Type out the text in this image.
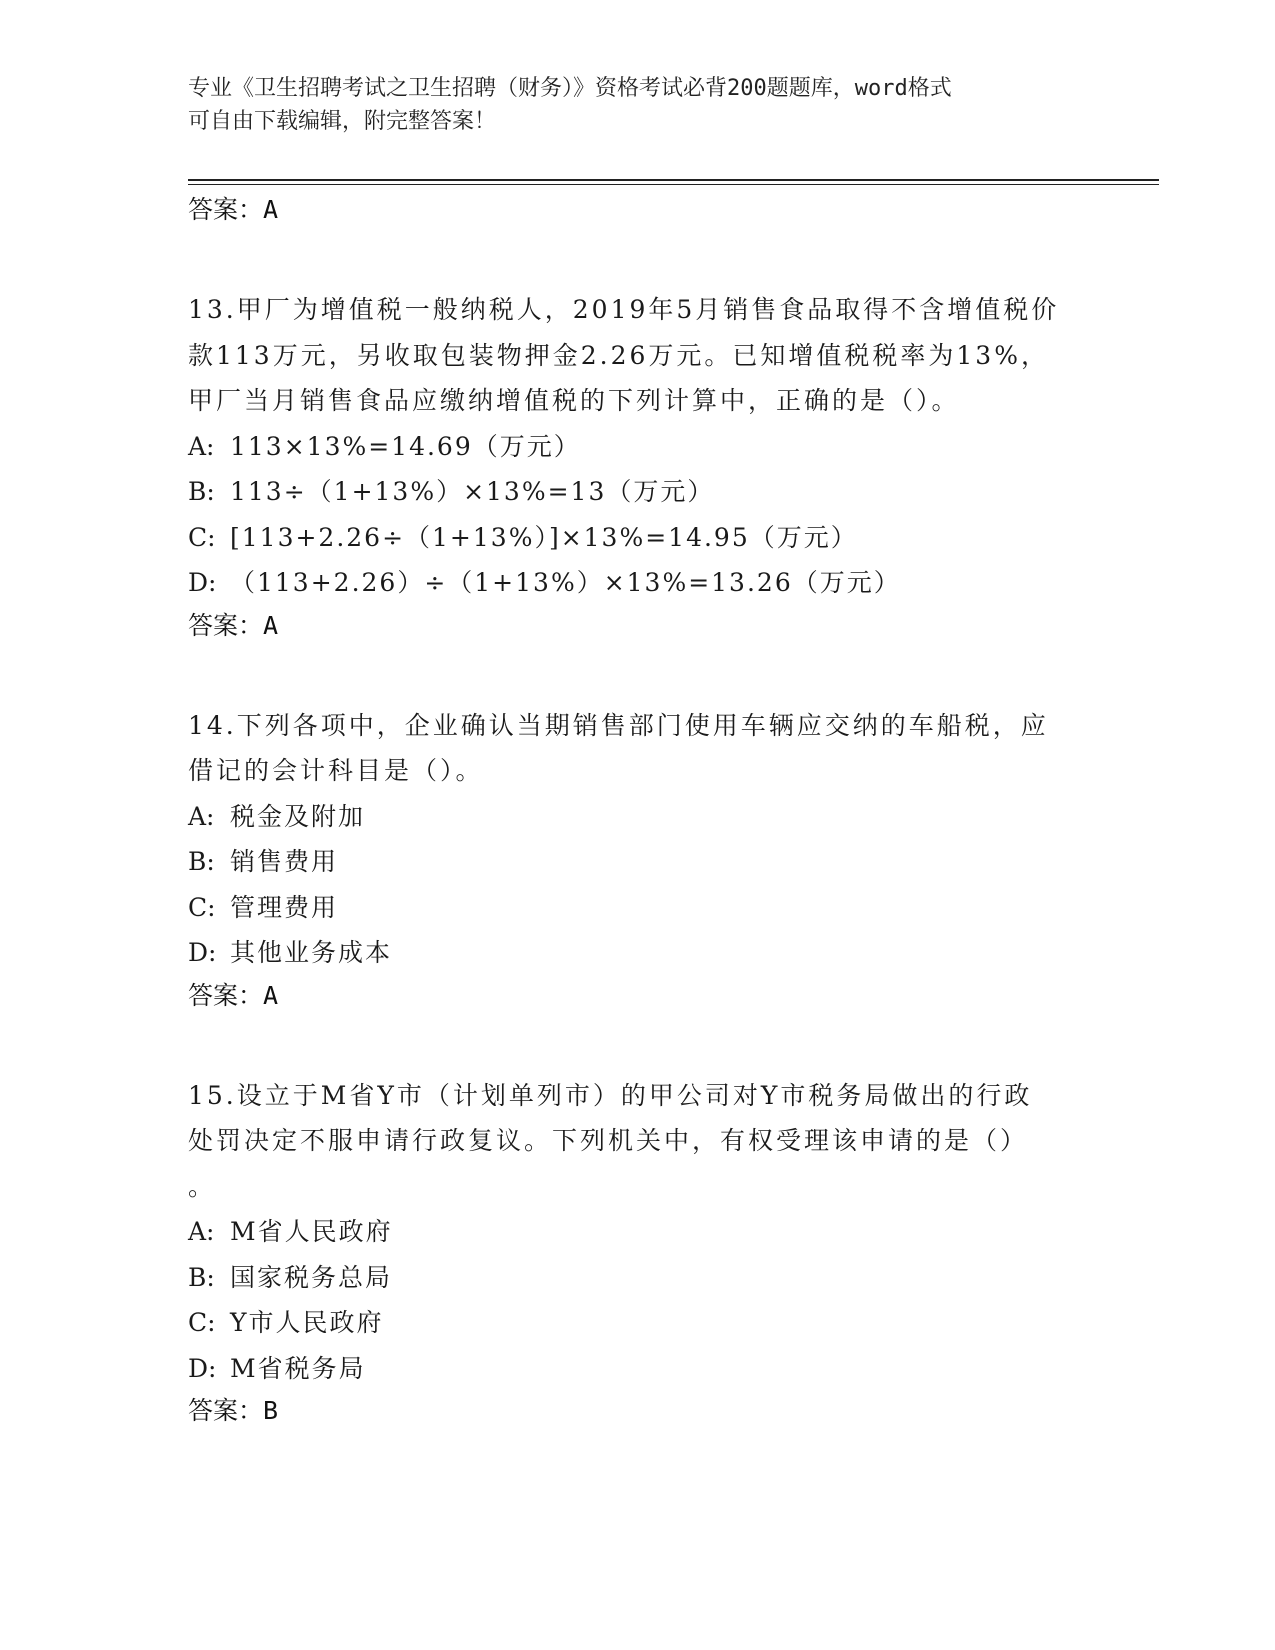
专业《卫生招聘考试之卫生招聘（财务）》资格考试必背200题题库，word格式
可自由下载编辑，附完整答案！
答案：A
13.甲厂为增值税一般纳税人，2019年5月销售食品取得不含增值税价
款113万元，另收取包装物押金2.26万元。已知增值税税率为13%，
甲厂当月销售食品应缴纳增值税的下列计算中，正确的是（）。
A: 113×13%=14.69（万元）
B: 113÷（1+13%）×13%=13（万元）
C: [113+2.26÷（1+13%）]×13%=14.95（万元）
D: （113+2.26）÷（1+13%）×13%=13.26（万元）
答案：A
14.下列各项中，企业确认当期销售部门使用车辆应交纳的车船税，应
借记的会计科目是（）。
A: 税金及附加
B: 销售费用
C: 管理费用
D: 其他业务成本
答案：A
15.设立于M省Y市（计划单列市）的甲公司对Y市税务局做出的行政
处罚决定不服申请行政复议。下列机关中，有权受理该申请的是（）
。
A: M省人民政府
B: 国家税务总局
C: Y市人民政府
D: M省税务局
答案：B
